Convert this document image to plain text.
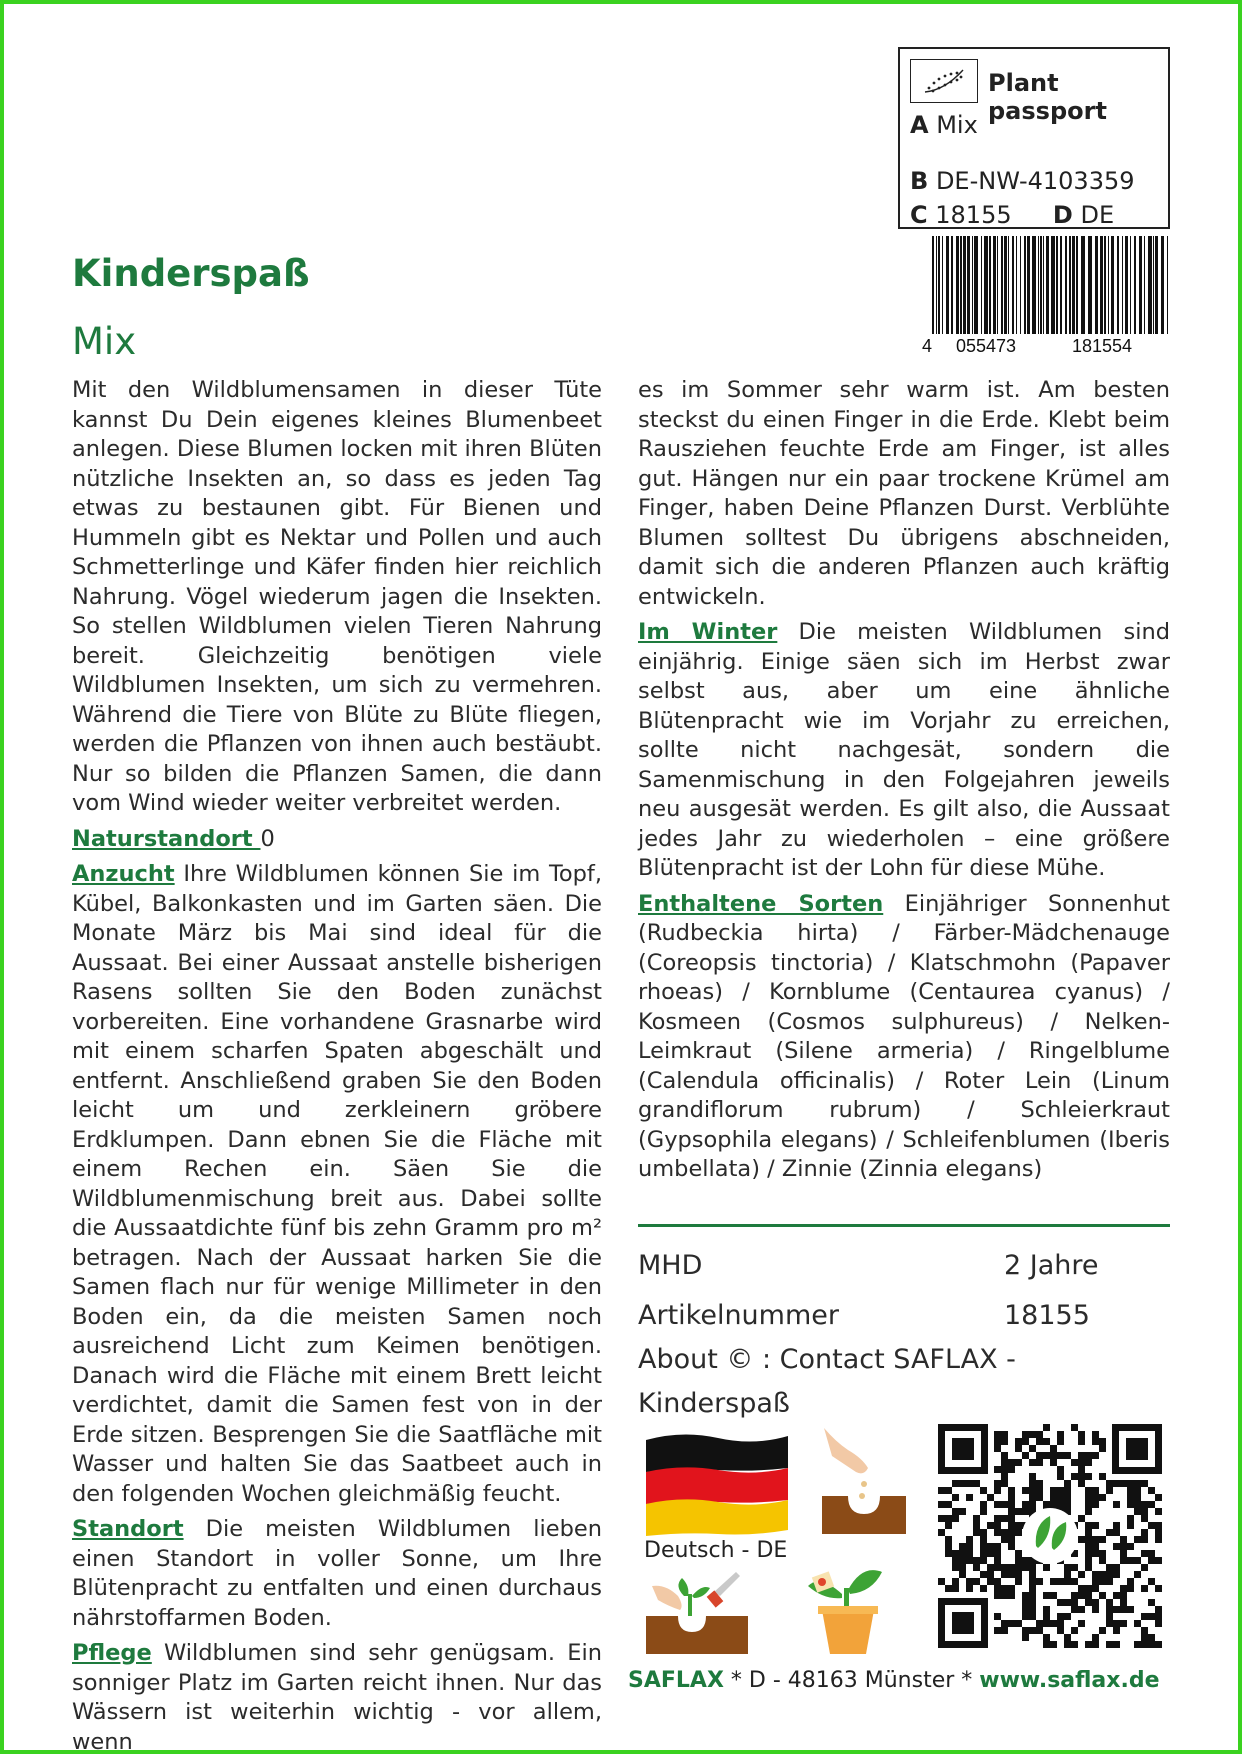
Plant passport
A Mix
B DE-NW-4103359
C 18155 D DE
4 055473	181554
Kinderspaß
Mix

Mit den Wildblumensamen in dieser Tüte kannst Du Dein eigenes kleines Blumenbeet anlegen. Diese Blumen locken mit ihren Blüten nützliche Insekten an, so dass es jeden Tag etwas zu bestaunen gibt. Für Bienen und Hummeln gibt es Nektar und Pollen und auch Schmetterlinge und Käfer finden hier reichlich Nahrung. Vögel wiederum jagen die Insekten. So stellen Wildblumen vielen Tieren Nahrung bereit. Gleichzeitig benötigen viele Wildblumen Insekten, um sich zu vermehren. Während die Tiere von Blüte zu Blüte fliegen, werden die Pflanzen von ihnen auch bestäubt. Nur so bilden die Pflanzen Samen, die dann vom Wind wieder weiter verbreitet werden.

Naturstandort 0

Anzucht Ihre Wildblumen können Sie im Topf, Kübel, Balkonkasten und im Garten säen. Die Monate März bis Mai sind ideal für die Aussaat. Bei einer Aussaat anstelle bisherigen Rasens sollten Sie den Boden zunächst vorbereiten. Eine vorhandene Grasnarbe wird mit einem scharfen Spaten abgeschält und entfernt. Anschließend graben Sie den Boden leicht um und zerkleinern gröbere Erdklumpen. Dann ebnen Sie die Fläche mit einem Rechen ein. Säen Sie die Wildblumenmischung breit aus. Dabei sollte die Aussaatdichte fünf bis zehn Gramm pro m² betragen. Nach der Aussaat harken Sie die Samen flach nur für wenige Millimeter in den Boden ein, da die meisten Samen noch ausreichend Licht zum Keimen benötigen. Danach wird die Fläche mit einem Brett leicht verdichtet, damit die Samen fest von in der Erde sitzen. Besprengen Sie die Saatfläche mit Wasser und halten Sie das Saatbeet auch in den folgenden Wochen gleichmäßig feucht.

Standort Die meisten Wildblumen lieben einen Standort in voller Sonne, um Ihre Blütenpracht zu entfalten und einen durchaus nährstoffarmen Boden.

Pflege Wildblumen sind sehr genügsam. Ein sonniger Platz im Garten reicht ihnen. Nur das Wässern ist weiterhin wichtig - vor allem, wenn

es im Sommer sehr warm ist. Am besten steckst du einen Finger in die Erde. Klebt beim Rausziehen feuchte Erde am Finger, ist alles gut. Hängen nur ein paar trockene Krümel am Finger, haben Deine Pflanzen Durst. Verblühte Blumen solltest Du übrigens abschneiden, damit sich die anderen Pflanzen auch kräftig entwickeln.

Im Winter Die meisten Wildblumen sind einjährig. Einige säen sich im Herbst zwar selbst aus, aber um eine ähnliche Blütenpracht wie im Vorjahr zu erreichen, sollte nicht nachgesät, sondern die Samenmischung in den Folgejahren jeweils neu ausgesät werden. Es gilt also, die Aussaat jedes Jahr zu wiederholen – eine größere Blütenpracht ist der Lohn für diese Mühe.

Enthaltene Sorten Einjähriger Sonnenhut (Rudbeckia hirta) / Färber-Mädchenauge (Coreopsis tinctoria) / Klatschmohn (Papaver rhoeas) / Kornblume (Centaurea cyanus) / Kosmeen (Cosmos sulphureus) / Nelken-Leimkraut (Silene armeria) / Ringelblume (Calendula officinalis) / Roter Lein (Linum grandiflorum rubrum) / Schleierkraut (Gypsophila elegans) / Schleifenblumen (Iberis umbellata) / Zinnie (Zinnia elegans)

MHD	2 Jahre
Artikelnummer	18155
About © : Contact SAFLAX -
Kinderspaß
Deutsch - DE
SAFLAX * D - 48163 Münster * www.saflax.de
